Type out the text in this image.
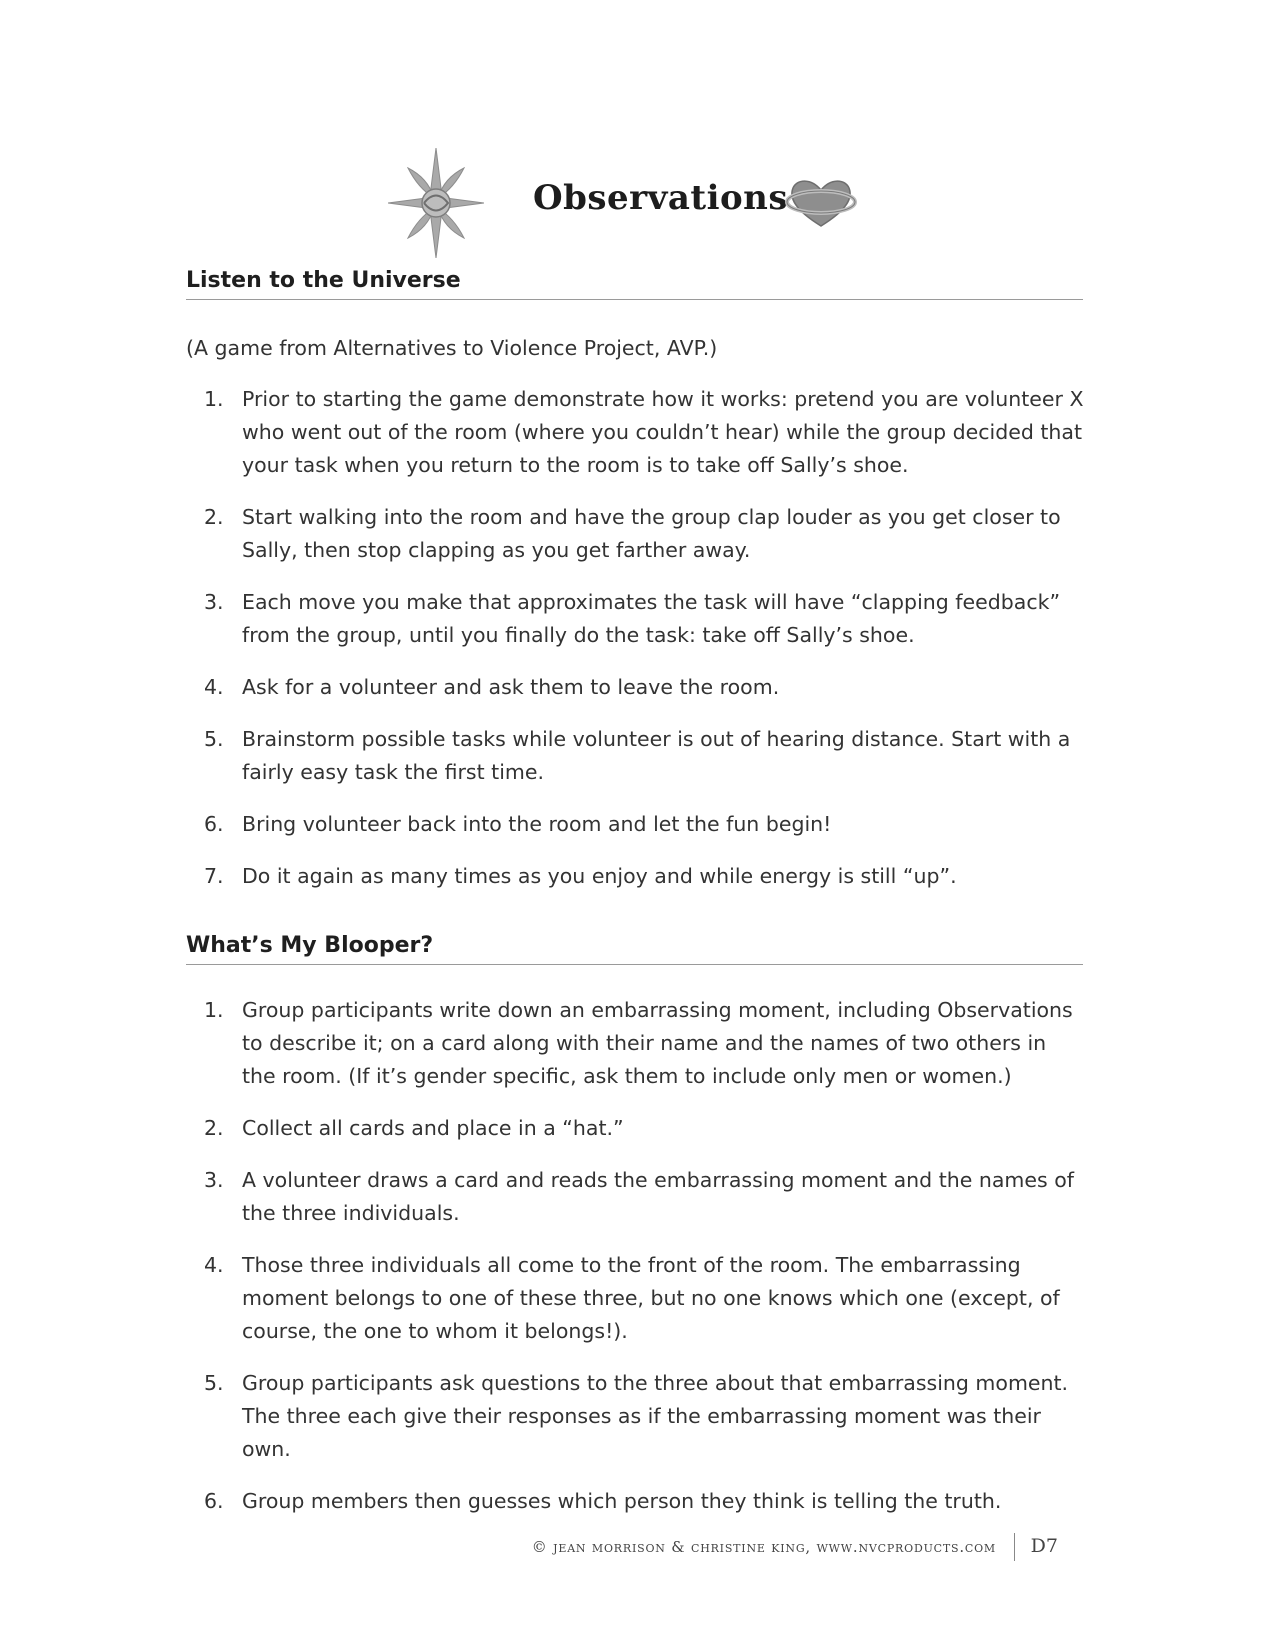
Observations
Listen to the Universe
(A game from Alternatives to Violence Project, AVP.)
1. Prior to starting the game demonstrate how it works: pretend you are volunteer X who went out of the room (where you couldn’t hear) while the group decided that your task when you return to the room is to take off Sally’s shoe.
2. Start walking into the room and have the group clap louder as you get closer to Sally, then stop clapping as you get farther away.
3. Each move you make that approximates the task will have “clapping feedback” from the group, until you finally do the task: take off Sally’s shoe.
4. Ask for a volunteer and ask them to leave the room.
5. Brainstorm possible tasks while volunteer is out of hearing distance. Start with a fairly easy task the first time.
6. Bring volunteer back into the room and let the fun begin!
7. Do it again as many times as you enjoy and while energy is still “up”.
What’s My Blooper?
1. Group participants write down an embarrassing moment, including Observations to describe it; on a card along with their name and the names of two others in the room. (If it’s gender specific, ask them to include only men or women.)
2. Collect all cards and place in a “hat.”
3. A volunteer draws a card and reads the embarrassing moment and the names of the three individuals.
4. Those three individuals all come to the front of the room. The embarrassing moment belongs to one of these three, but no one knows which one (except, of course, the one to whom it belongs!).
5. Group participants ask questions to the three about that embarrassing moment. The three each give their responses as if the embarrassing moment was their own.
6. Group members then guesses which person they think is telling the truth.
© jean morrison & christine king, www.nvcproducts.com D7
